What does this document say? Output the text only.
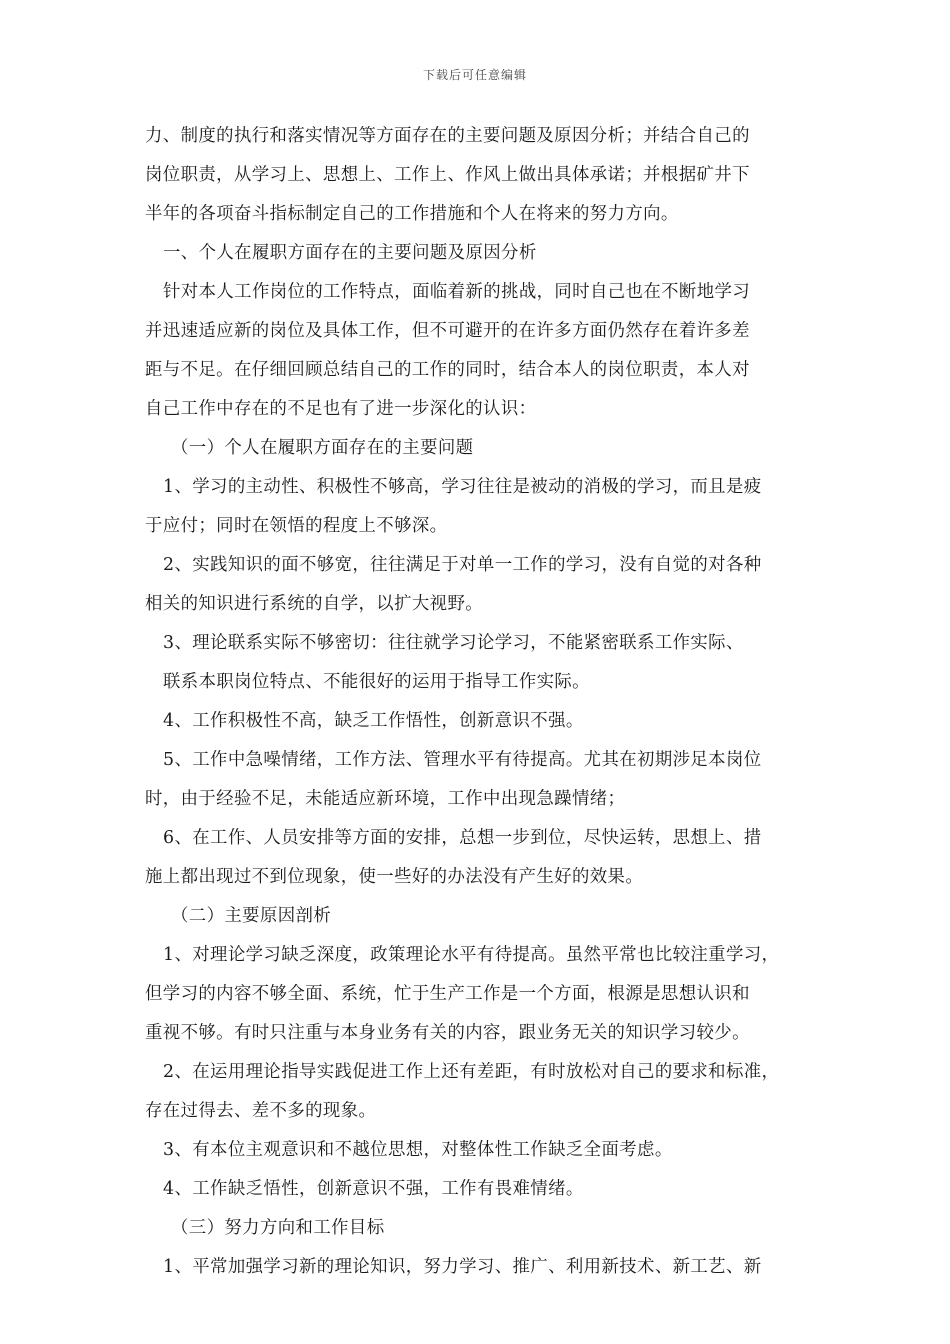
下载后可任意编辑
力、制度的执行和落实情况等方面存在的主要问题及原因分析；并结合自己的
岗位职责，从学习上、思想上、工作上、作风上做出具体承诺；并根据矿井下
半年的各项奋斗指标制定自己的工作措施和个人在将来的努力方向。
一、个人在履职方面存在的主要问题及原因分析
针对本人工作岗位的工作特点，面临着新的挑战，同时自己也在不断地学习
并迅速适应新的岗位及具体工作，但不可避开的在许多方面仍然存在着许多差
距与不足。在仔细回顾总结自己的工作的同时，结合本人的岗位职责，本人对
自己工作中存在的不足也有了进一步深化的认识：
（一）个人在履职方面存在的主要问题
1、学习的主动性、积极性不够高，学习往往是被动的消极的学习，而且是疲
于应付；同时在领悟的程度上不够深。
2、实践知识的面不够宽，往往满足于对单一工作的学习，没有自觉的对各种
相关的知识进行系统的自学，以扩大视野。
3、理论联系实际不够密切：往往就学习论学习，不能紧密联系工作实际、
联系本职岗位特点、不能很好的运用于指导工作实际。
4、工作积极性不高，缺乏工作悟性，创新意识不强。
5、工作中急噪情绪，工作方法、管理水平有待提高。尤其在初期涉足本岗位
时，由于经验不足，未能适应新环境，工作中出现急躁情绪；
6、在工作、人员安排等方面的安排，总想一步到位，尽快运转，思想上、措
施上都出现过不到位现象，使一些好的办法没有产生好的效果。
（二）主要原因剖析
1、对理论学习缺乏深度，政策理论水平有待提高。虽然平常也比较注重学习，
但学习的内容不够全面、系统，忙于生产工作是一个方面，根源是思想认识和
重视不够。有时只注重与本身业务有关的内容，跟业务无关的知识学习较少。
2、在运用理论指导实践促进工作上还有差距，有时放松对自己的要求和标准，
存在过得去、差不多的现象。
3、有本位主观意识和不越位思想，对整体性工作缺乏全面考虑。
4、工作缺乏悟性，创新意识不强，工作有畏难情绪。
（三）努力方向和工作目标
1、平常加强学习新的理论知识，努力学习、推广、利用新技术、新工艺、新
